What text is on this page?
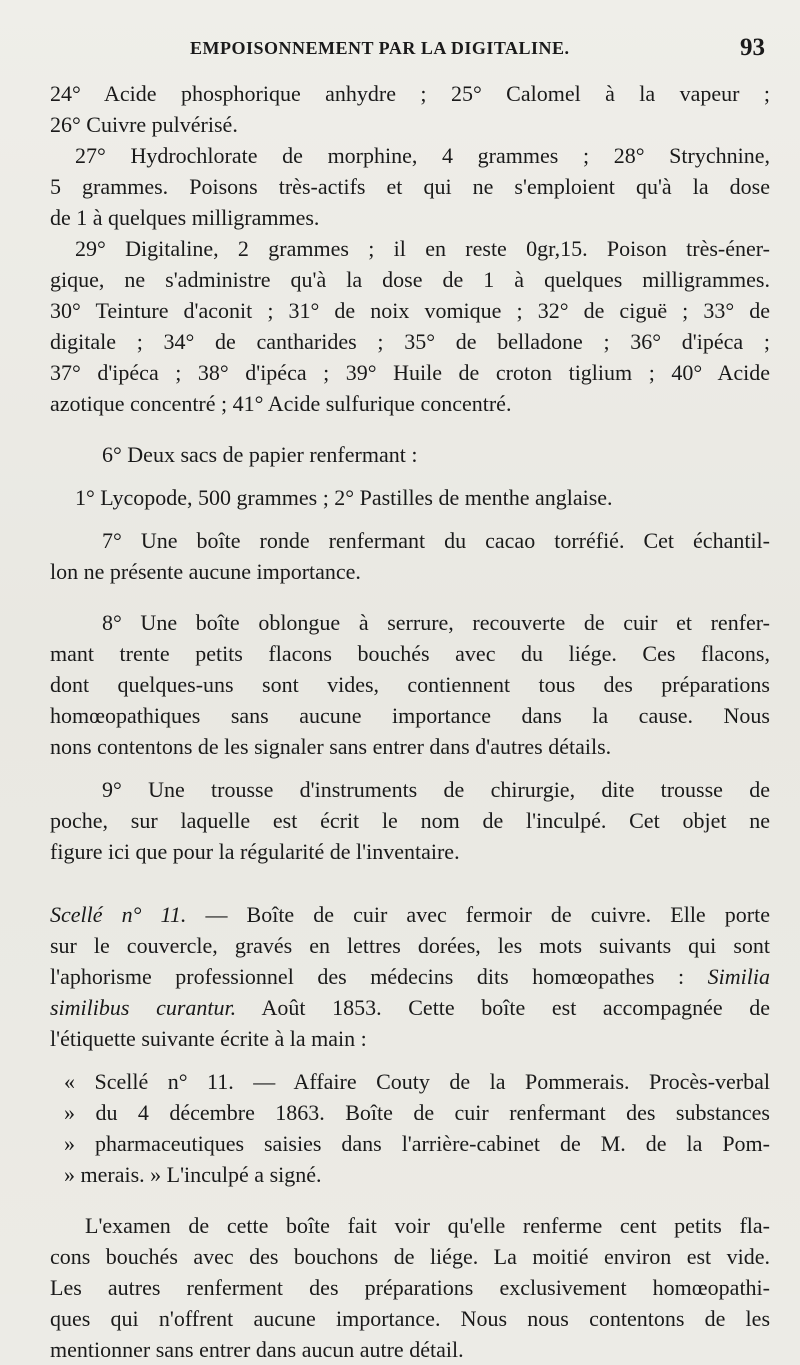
EMPOISONNEMENT PAR LA DIGITALINE.	93
24° Acide phosphorique anhydre ; 25° Calomel à la vapeur ;
26° Cuivre pulvérisé.
27° Hydrochlorate de morphine, 4 grammes ; 28° Strychnine,
5 grammes. Poisons très-actifs et qui ne s'emploient qu'à la dose
de 1 à quelques milligrammes.
29° Digitaline, 2 grammes ; il en reste 0gr,15. Poison très-éner-
gique, ne s'administre qu'à la dose de 1 à quelques milligrammes.
30° Teinture d'aconit ; 31° de noix vomique ; 32° de ciguë ; 33° de
digitale ; 34° de cantharides ; 35° de belladone ; 36° d'ipéca ;
37° d'ipéca ; 38° d'ipéca ; 39° Huile de croton tiglium ; 40° Acide
azotique concentré ; 41° Acide sulfurique concentré.
6° Deux sacs de papier renfermant :
1° Lycopode, 500 grammes ; 2° Pastilles de menthe anglaise.
7° Une boîte ronde renfermant du cacao torréfié. Cet échantil-
lon ne présente aucune importance.
8° Une boîte oblongue à serrure, recouverte de cuir et renfer-
mant trente petits flacons bouchés avec du liége. Ces flacons,
dont quelques-uns sont vides, contiennent tous des préparations
homœopathiques sans aucune importance dans la cause. Nous
nons contentons de les signaler sans entrer dans d'autres détails.
9° Une trousse d'instruments de chirurgie, dite trousse de
poche, sur laquelle est écrit le nom de l'inculpé. Cet objet ne
figure ici que pour la régularité de l'inventaire.
Scellé n° 11. — Boîte de cuir avec fermoir de cuivre. Elle porte
sur le couvercle, gravés en lettres dorées, les mots suivants qui sont
l'aphorisme professionnel des médecins dits homœopathes : Similia
similibus curantur. Août 1853. Cette boîte est accompagnée de
l'étiquette suivante écrite à la main :
« Scellé n° 11. — Affaire Couty de la Pommerais. Procès-verbal
» du 4 décembre 1863. Boîte de cuir renfermant des substances
» pharmaceutiques saisies dans l'arrière-cabinet de M. de la Pom-
» merais. » L'inculpé a signé.
L'examen de cette boîte fait voir qu'elle renferme cent petits fla-
cons bouchés avec des bouchons de liége. La moitié environ est vide.
Les autres renferment des préparations exclusivement homœopathi-
ques qui n'offrent aucune importance. Nous nous contentons de les
mentionner sans entrer dans aucun autre détail.
